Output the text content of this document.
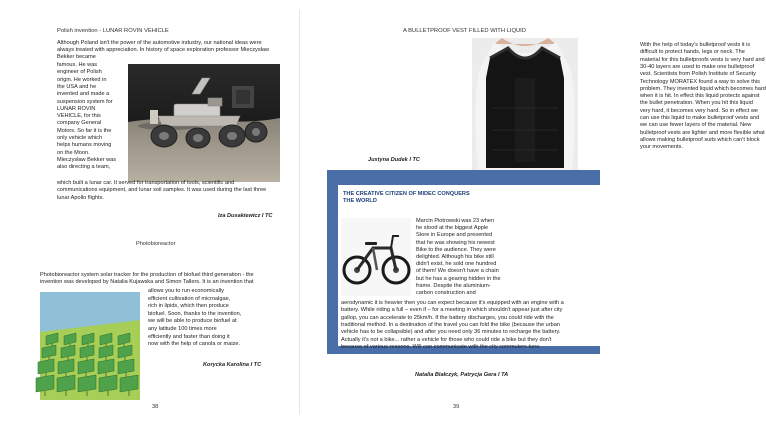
Polish invention - LUNAR ROVIN VEHICLE
Although Poland isn't the power of the automotive industry, our national ideas were
always treated with appreciation. In history of space exploration professor Mieczysław
Bekker became
famous. He was
engineer of Polish
origin. He worked in
the USA and he
invented and made a
suspension system for
LUNAR ROVIN
VEHICLE, for this
company General
Motors. So far it is the
only vehicle which
helps humans moving
on the Moon.
Mieczysław Bekker was
also directing a team,
which built a lunar car. It served for transportation of tools, scientific and
communications equipment, and lunar soil samples. It was used during the last three
lunar Apollo flights.
Iza Dusakiewicz I TC
Photobioreactor
Photobioreactor system solar tracker for the production of biofuel third generation - the
invention was developed by Natalia Kujawska and Simon Tallers. It is an invention that
allows you to run economically
efficient cultivation of microalgae,
rich in lipids, which then produce
biofuel. Soon, thanks to the invention,
we will be able to produce biofuel at
any latitude 100 times more
efficiently and faster than doing it
now with the help of canola or maize.
Korycka Karolina I TC
38
A BULLETPROOF VEST FILLED WITH LIQUID
With the help of today's bulletproof vests it is
difficult to protect hands, legs or neck. The
material for this bulletproofs vests is very hard and
30-40 layers are used to make one bulletproof
vest. Scientists from Polish Institute of Security
Technology MORATEX found a way to solve this
problem. They invented liquid which becomes hard
when it is hit. In effect this liquid protects against
the bullet penetration. When you hit this liquid
very hard, it becomes very hard. So in effect we
can use this liquid to make bulletproof vests and
we can use fewer layers of the material. New
bulletproof vests are lighter and more flexible what
allows making bulletproof suits which can't block
your movements.
Justyna Dudek I TC
THE CREATIVE CITIZEN OF MIDEC CONQUERS
THE WORLD
Marcin Piotrowski was 23 when
he stood at the biggest Apple
Store in Europe and presented
that he was showing his newest
Bike to the audience. They were
delighted. Although his bike still
didn't exist, he sold one hundred
of them! We doesn't have a chain
but he has a gearing hidden in the
frame. Despite the aluminium-
carbon construction and
aerodynamic it is heavier then you can expect because it's equipped with an engine with a
battery. While riding a full – even if – for a meeting in which shouldn't appear just after city
gallop, you can accelerate to 25km/h. If the battery discharges, you could ride with the
traditional method. In a destination of the travel you can fold the bike (because the urban
vehicle has to be collapsible) and after you need only 36 minutes to recharge the battery.
Actually it's not a bike... rather a vehicle for those who could ride a bike but they don't
because of various reasons. Will can communicate with the city commuters tune.
Natalia Białczyk, Patrycja Gera I TA
39
